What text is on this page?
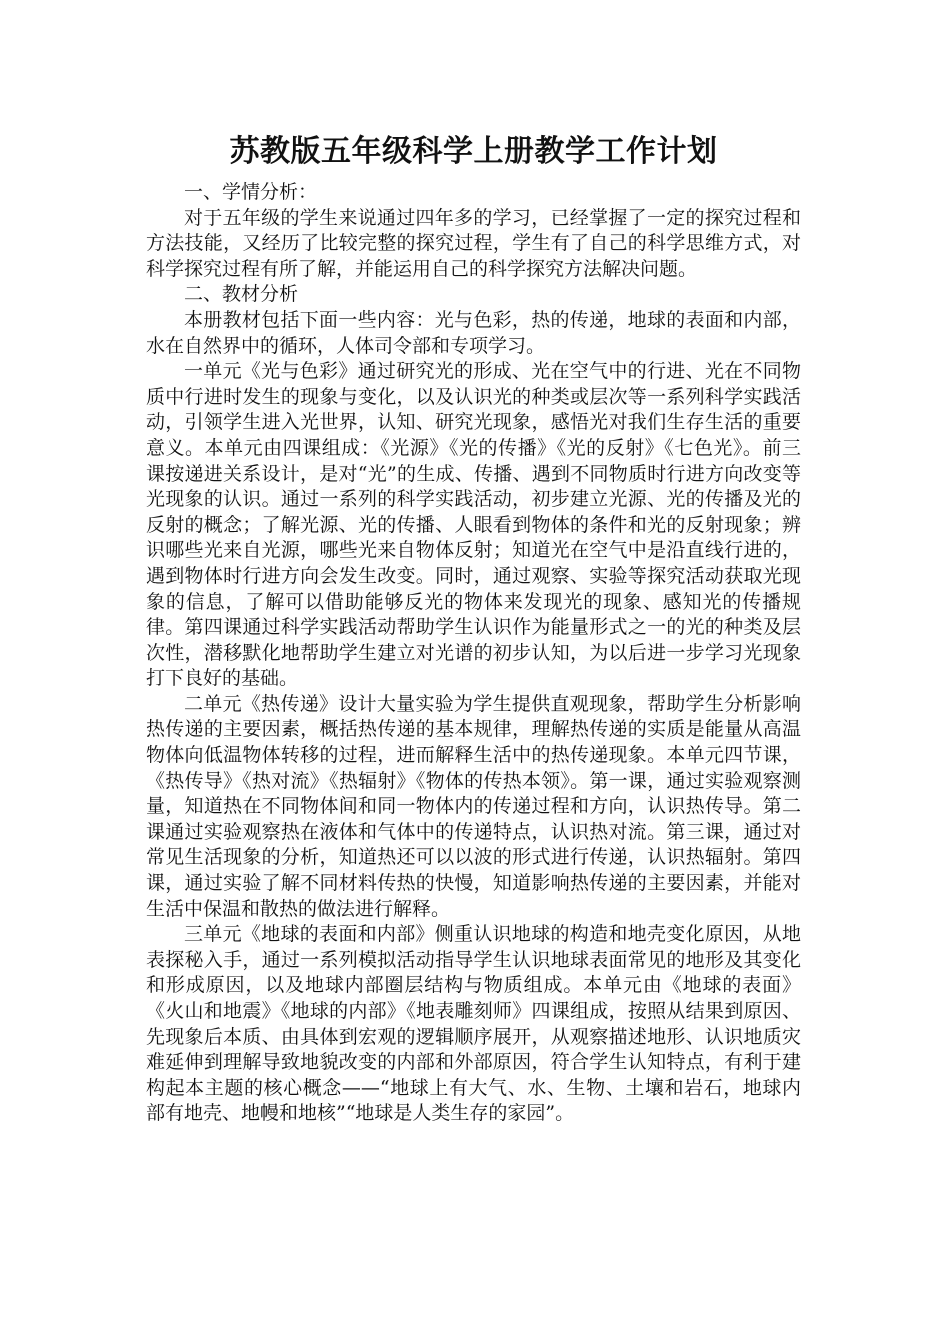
苏教版五年级科学上册教学工作计划

一、学情分析：

对于五年级的学生来说通过四年多的学习，已经掌握了一定的探究过程和方法技能，又经历了比较完整的探究过程，学生有了自己的科学思维方式，对科学探究过程有所了解，并能运用自己的科学探究方法解决问题。

二、教材分析

本册教材包括下面一些内容：光与色彩，热的传递，地球的表面和内部，水在自然界中的循环，人体司令部和专项学习。

一单元《光与色彩》通过研究光的形成、光在空气中的行进、光在不同物质中行进时发生的现象与变化，以及认识光的种类或层次等一系列科学实践活动，引领学生进入光世界，认知、研究光现象，感悟光对我们生存生活的重要意义。本单元由四课组成：《光源》《光的传播》《光的反射》《七色光》。前三课按递进关系设计，是对“光”的生成、传播、遇到不同物质时行进方向改变等光现象的认识。通过一系列的科学实践活动，初步建立光源、光的传播及光的反射的概念；了解光源、光的传播、人眼看到物体的条件和光的反射现象；辨识哪些光来自光源，哪些光来自物体反射；知道光在空气中是沿直线行进的，遇到物体时行进方向会发生改变。同时，通过观察、实验等探究活动获取光现象的信息，了解可以借助能够反光的物体来发现光的现象、感知光的传播规律。第四课通过科学实践活动帮助学生认识作为能量形式之一的光的种类及层次性，潜移默化地帮助学生建立对光谱的初步认知，为以后进一步学习光现象打下良好的基础。

二单元《热传递》设计大量实验为学生提供直观现象，帮助学生分析影响热传递的主要因素，概括热传递的基本规律，理解热传递的实质是能量从高温物体向低温物体转移的过程，进而解释生活中的热传递现象。本单元四节课，《热传导》《热对流》《热辐射》《物体的传热本领》。第一课，通过实验观察测量，知道热在不同物体间和同一物体内的传递过程和方向，认识热传导。第二课通过实验观察热在液体和气体中的传递特点，认识热对流。第三课，通过对常见生活现象的分析，知道热还可以以波的形式进行传递，认识热辐射。第四课，通过实验了解不同材料传热的快慢，知道影响热传递的主要因素，并能对生活中保温和散热的做法进行解释。

三单元《地球的表面和内部》侧重认识地球的构造和地壳变化原因，从地表探秘入手，通过一系列模拟活动指导学生认识地球表面常见的地形及其变化和形成原因，以及地球内部圈层结构与物质组成。本单元由《地球的表面》《火山和地震》《地球的内部》《地表雕刻师》四课组成，按照从结果到原因、先现象后本质、由具体到宏观的逻辑顺序展开，从观察描述地形、认识地质灾难延伸到理解导致地貌改变的内部和外部原因，符合学生认知特点，有利于建构起本主题的核心概念——“地球上有大气、水、生物、土壤和岩石，地球内部有地壳、地幔和地核”“地球是人类生存的家园”。
